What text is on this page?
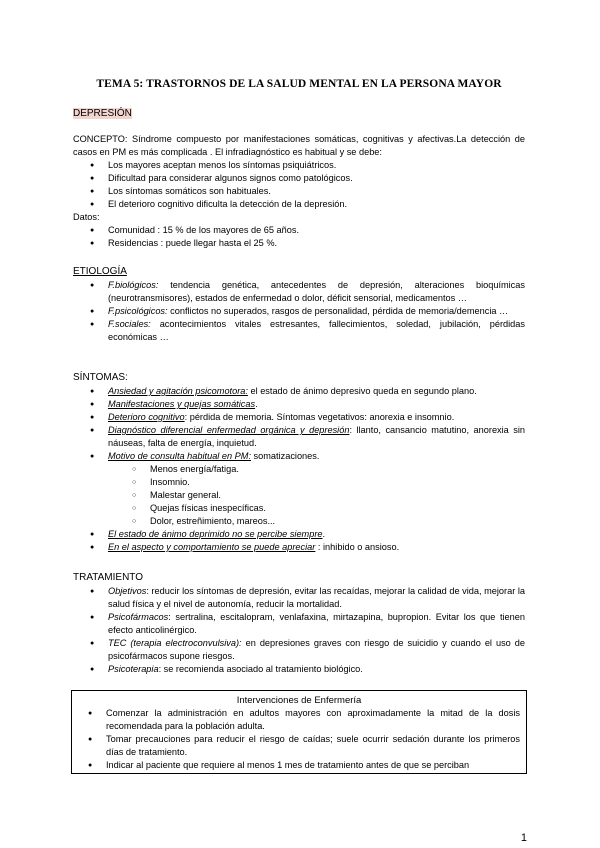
TEMA 5: TRASTORNOS DE LA SALUD MENTAL EN LA PERSONA MAYOR
DEPRESIÓN
CONCEPTO: Síndrome compuesto por manifestaciones somáticas, cognitivas y afectivas.La detección de casos en PM es más complicada . El infradiagnóstico es habitual y se debe:
● Los mayores aceptan menos los síntomas psiquiátricos.
● Dificultad para considerar algunos signos como patológicos.
● Los síntomas somáticos son habituales.
● El deterioro cognitivo dificulta la detección de la depresión.
Datos:
● Comunidad : 15 % de los mayores de 65 años.
● Residencias : puede llegar hasta el 25 %.
ETIOLOGÍA
● F.biológicos: tendencia genética, antecedentes de depresión, alteraciones bioquímicas (neurotransmisores), estados de enfermedad o dolor, déficit sensorial, medicamentos …
● F.psicológicos: conflictos no superados, rasgos de personalidad, pérdida de memoria/demencia …
● F.sociales: acontecimientos vitales estresantes, fallecimientos, soledad, jubilación, pérdidas económicas …
SÍNTOMAS:
● Ansiedad y agitación psicomotora: el estado de ánimo depresivo queda en segundo plano.
● Manifestaciones y quejas somáticas.
● Deterioro cognitivo: pérdida de memoria. Síntomas vegetativos: anorexia e insomnio.
● Diagnóstico diferencial enfermedad orgánica y depresión: llanto, cansancio matutino, anorexia sin náuseas, falta de energía, inquietud.
● Motivo de consulta habitual en PM: somatizaciones.
○ Menos energía/fatiga.
○ Insomnio.
○ Malestar general.
○ Quejas físicas inespecíficas.
○ Dolor, estreñimiento, mareos...
● El estado de ánimo deprimido no se percibe siempre.
● En el aspecto y comportamiento se puede apreciar : inhibido o ansioso.
TRATAMIENTO
● Objetivos: reducir los síntomas de depresión, evitar las recaídas, mejorar la calidad de vida, mejorar la salud física y el nivel de autonomía, reducir la mortalidad.
● Psicofármacos: sertralina, escitalopram, venlafaxina, mirtazapina, bupropion. Evitar los que tienen efecto anticolinérgico.
● TEC (terapia electroconvulsiva): en depresiones graves con riesgo de suicidio y cuando el uso de psicofármacos supone riesgos.
● Psicoterapia: se recomienda asociado al tratamiento biológico.
Intervenciones de Enfermería
● Comenzar la administración en adultos mayores con aproximadamente la mitad de la dosis recomendada para la población adulta.
● Tomar precauciones para reducir el riesgo de caídas; suele ocurrir sedación durante los primeros días de tratamiento.
● Indicar al paciente que requiere al menos 1 mes de tratamiento antes de que se perciban
1
